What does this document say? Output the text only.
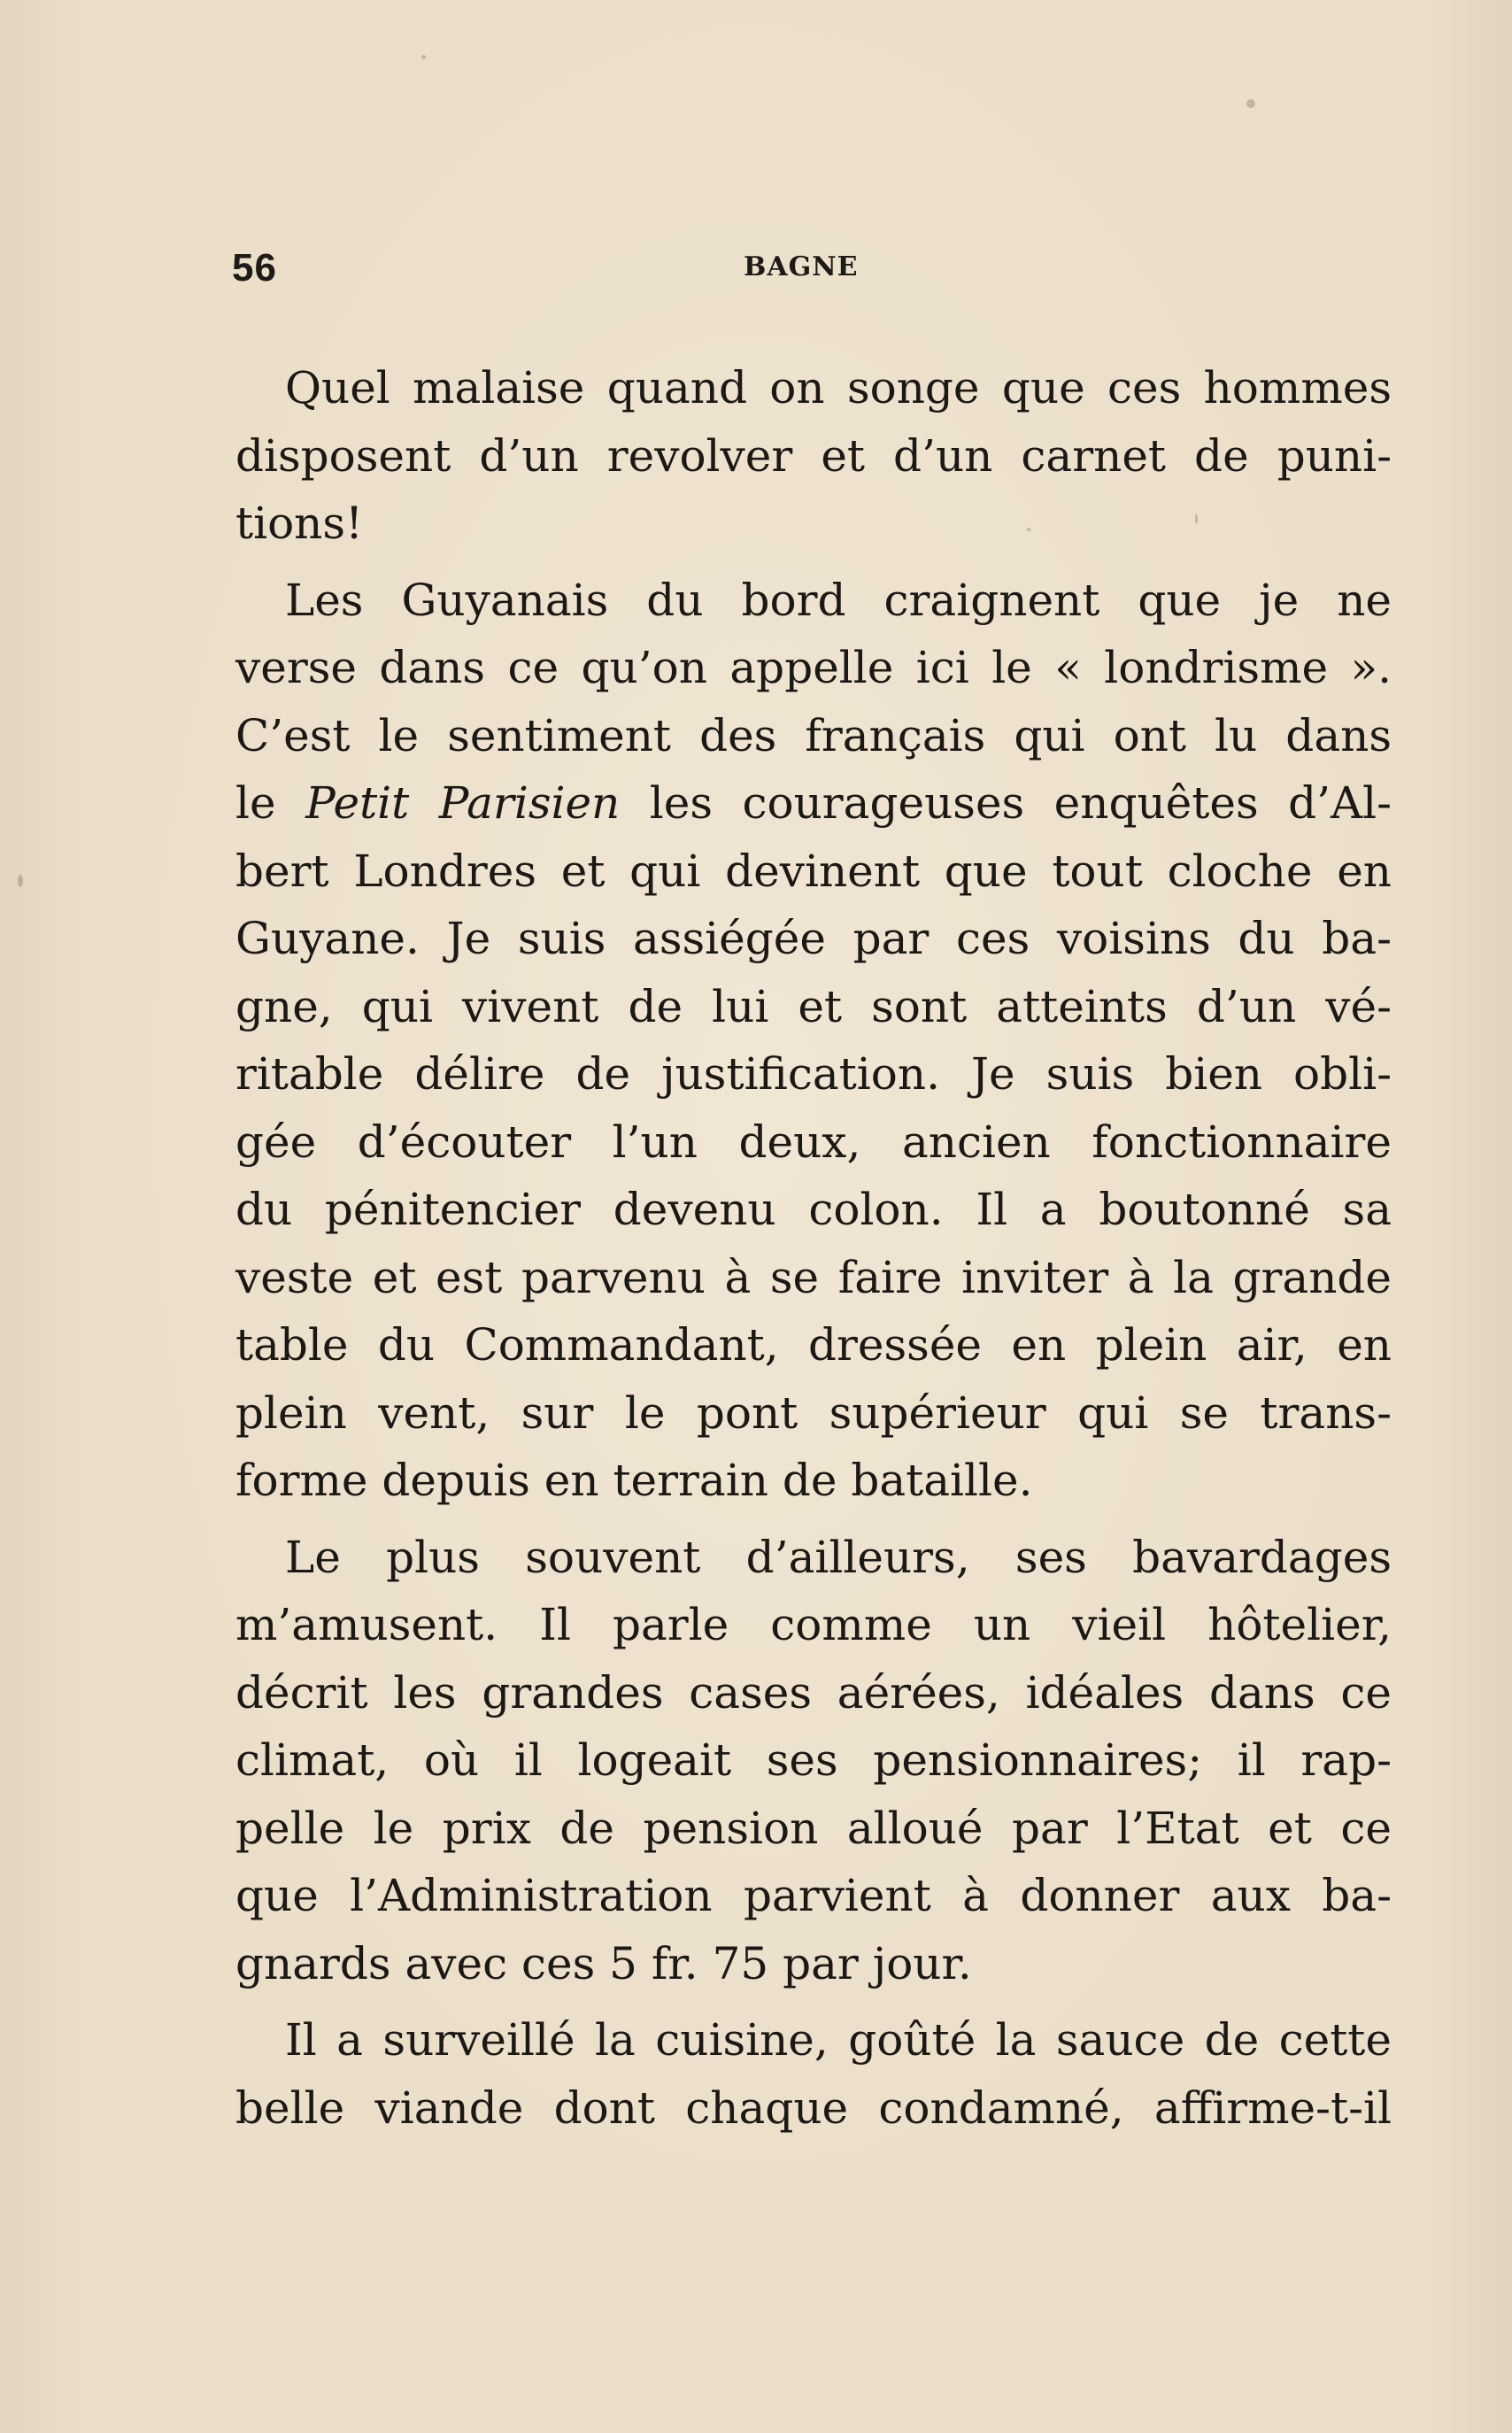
56	BAGNE
Quel malaise quand on songe que ces hommes
disposent d’un revolver et d’un carnet de puni-
tions!
Les Guyanais du bord craignent que je ne
verse dans ce qu’on appelle ici le « londrisme ».
C’est le sentiment des français qui ont lu dans
le Petit Parisien les courageuses enquêtes d’Al-
bert Londres et qui devinent que tout cloche en
Guyane. Je suis assiégée par ces voisins du ba-
gne, qui vivent de lui et sont atteints d’un vé-
ritable délire de justification. Je suis bien obli-
gée d’écouter l’un deux, ancien fonctionnaire
du pénitencier devenu colon. Il a boutonné sa
veste et est parvenu à se faire inviter à la grande
table du Commandant, dressée en plein air, en
plein vent, sur le pont supérieur qui se trans-
forme depuis en terrain de bataille.
Le plus souvent d’ailleurs, ses bavardages
m’amusent. Il parle comme un vieil hôtelier,
décrit les grandes cases aérées, idéales dans ce
climat, où il logeait ses pensionnaires; il rap-
pelle le prix de pension alloué par l’Etat et ce
que l’Administration parvient à donner aux ba-
gnards avec ces 5 fr. 75 par jour.
Il a surveillé la cuisine, goûté la sauce de cette
belle viande dont chaque condamné, affirme-t-il
